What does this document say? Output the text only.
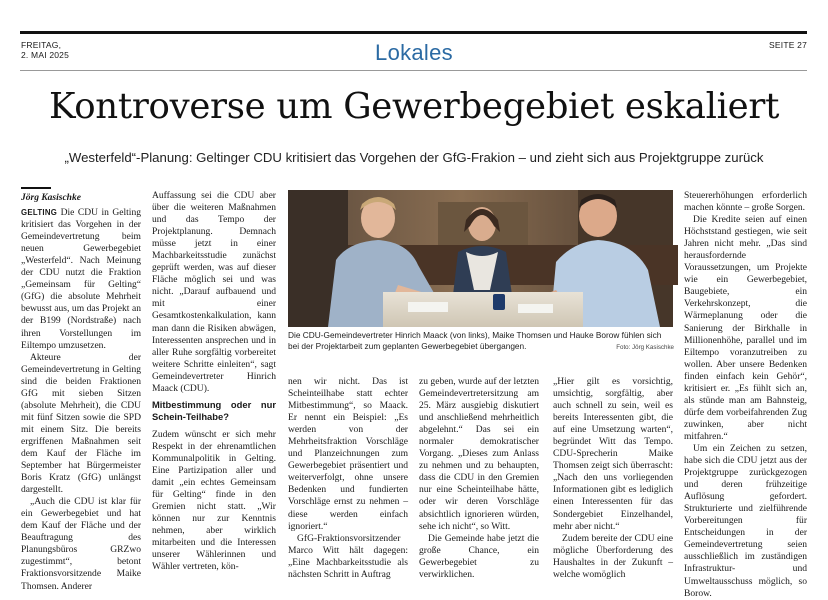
FREITAG,
2. MAI 2025	Lokales	SEITE 27
Kontroverse um Gewerbegebiet eskaliert
„Westerfeld“-Planung: Geltinger CDU kritisiert das Vorgehen der GfG-Frakion – und zieht sich aus Projektgruppe zurück
Jörg Kasischke

GELTING Die CDU in Gelting kritisiert das Vorgehen in der Gemeindevertretung beim neuen Gewerbegebiet „Westerfeld“. Nach Meinung der CDU nutzt die Fraktion „Gemeinsam für Gelting“ (GfG) die absolute Mehrheit bewusst aus, um das Projekt an der B199 (Nordstraße) nach ihren Vorstellungen im Eiltempo umzusetzen.

Akteure der Gemeindevertretung in Gelting sind die beiden Fraktionen GfG mit sieben Sitzen (absolute Mehrheit), die CDU mit fünf Sitzen sowie die SPD mit einem Sitz. Die bereits ergriffenen Maßnahmen seit dem Kauf der Fläche im September hat Bürgermeister Boris Kratz (GfG) unlängst dargestellt.

„Auch die CDU ist klar für ein Gewerbegebiet und hat dem Kauf der Fläche und der Beauftragung des Planungsbüros GRZwo zugestimmt“, betont Fraktionsvorsitzende Maike Thomsen. Anderer

Auffassung sei die CDU aber über die weiteren Maßnahmen und das Tempo der Projektplanung. Demnach müsse jetzt in einer Machbarkeitsstudie zunächst geprüft werden, was auf dieser Fläche möglich sei und was nicht. „Darauf aufbauend und mit einer Gesamtkostenkalkulation, kann man dann die Risiken abwägen, Interessenten ansprechen und in aller Ruhe sorgfältig vorbereitet weitere Schritte einleiten“, sagt Gemeindevertreter Hinrich Maack (CDU).

Mitbestimmung oder nur Schein-Teilhabe?

Zudem wünscht er sich mehr Respekt in der ehrenamtlichen Kommunalpolitik in Gelting. Eine Partizipation aller und damit „ein echtes Gemeinsam für Gelting“ finde in den Gremien nicht statt. „Wir können nur zur Kenntnis nehmen, aber wirklich mitarbeiten und die Interessen unserer Wählerinnen und Wähler vertreten, kön-

Die CDU-Gemeindevertreter Hinrich Maack (von links), Maike Thomsen und Hauke Borow fühlen sich bei der Projektarbeit zum geplanten Gewerbegebiet übergangen.	Foto: Jörg Kasischke

nen wir nicht. Das ist Scheinteilhabe statt echter Mitbestimmung“, so Maack. Er nennt ein Beispiel: „Es werden von der Mehrheitsfraktion Vorschläge und Planzeichnungen zum Gewerbegebiet präsentiert und weiterverfolgt, ohne unsere Bedenken und fundierten Vorschläge ernst zu nehmen – diese werden einfach ignoriert.“

GfG-Fraktionsvorsitzender Marco Witt hält dagegen: „Eine Machbarkeitsstudie als nächsten Schritt in Auftrag

zu geben, wurde auf der letzten Gemeindevertretersitzung am 25. März ausgiebig diskutiert und anschließend mehrheitlich abgelehnt.“ Das sei ein normaler demokratischer Vorgang. „Dieses zum Anlass zu nehmen und zu behaupten, dass die CDU in den Gremien nur eine Scheinteilhabe hätte, oder wir deren Vorschläge absichtlich ignorieren würden, sehe ich nicht“, so Witt.

Die Gemeinde habe jetzt die große Chance, ein Gewerbegebiet zu verwirklichen.

„Hier gilt es vorsichtig, umsichtig, sorgfältig, aber auch schnell zu sein, weil es bereits Interessenten gibt, die auf eine Umsetzung warten“, begründet Witt das Tempo. CDU-Sprecherin Maike Thomsen zeigt sich überrascht: „Nach den uns vorliegenden Informationen gibt es lediglich einen Interessenten für das Sondergebiet Einzelhandel, mehr aber nicht.“

Zudem bereite der CDU eine mögliche Überforderung des Haushaltes in der Zukunft – welche womöglich

Steuererhöhungen erforderlich machen könnte – große Sorgen.

Die Kredite seien auf einen Höchststand gestiegen, wie seit Jahren nicht mehr. „Das sind herausfordernde Voraussetzungen, um Projekte wie ein Gewerbegebiet, Baugebiete, ein Verkehrskonzept, die Wärmeplanung oder die Sanierung der Birkhalle in Millionenhöhe, parallel und im Eiltempo voranzutreiben zu wollen. Aber unsere Bedenken finden einfach kein Gehör“, kritisiert er. „Es fühlt sich an, als stünde man am Bahnsteig, dürfe dem vorbeifahrenden Zug zuwinken, aber nicht mitfahren.“

Um ein Zeichen zu setzen, habe sich die CDU jetzt aus der Projektgruppe zurückgezogen und deren frühzeitige Auflösung gefordert. Strukturierte und zielführende Vorbereitungen für Entscheidungen in der Gemeindevertretung seien ausschließlich im zuständigen Infrastruktur- und Umweltausschuss möglich, so Borow.
